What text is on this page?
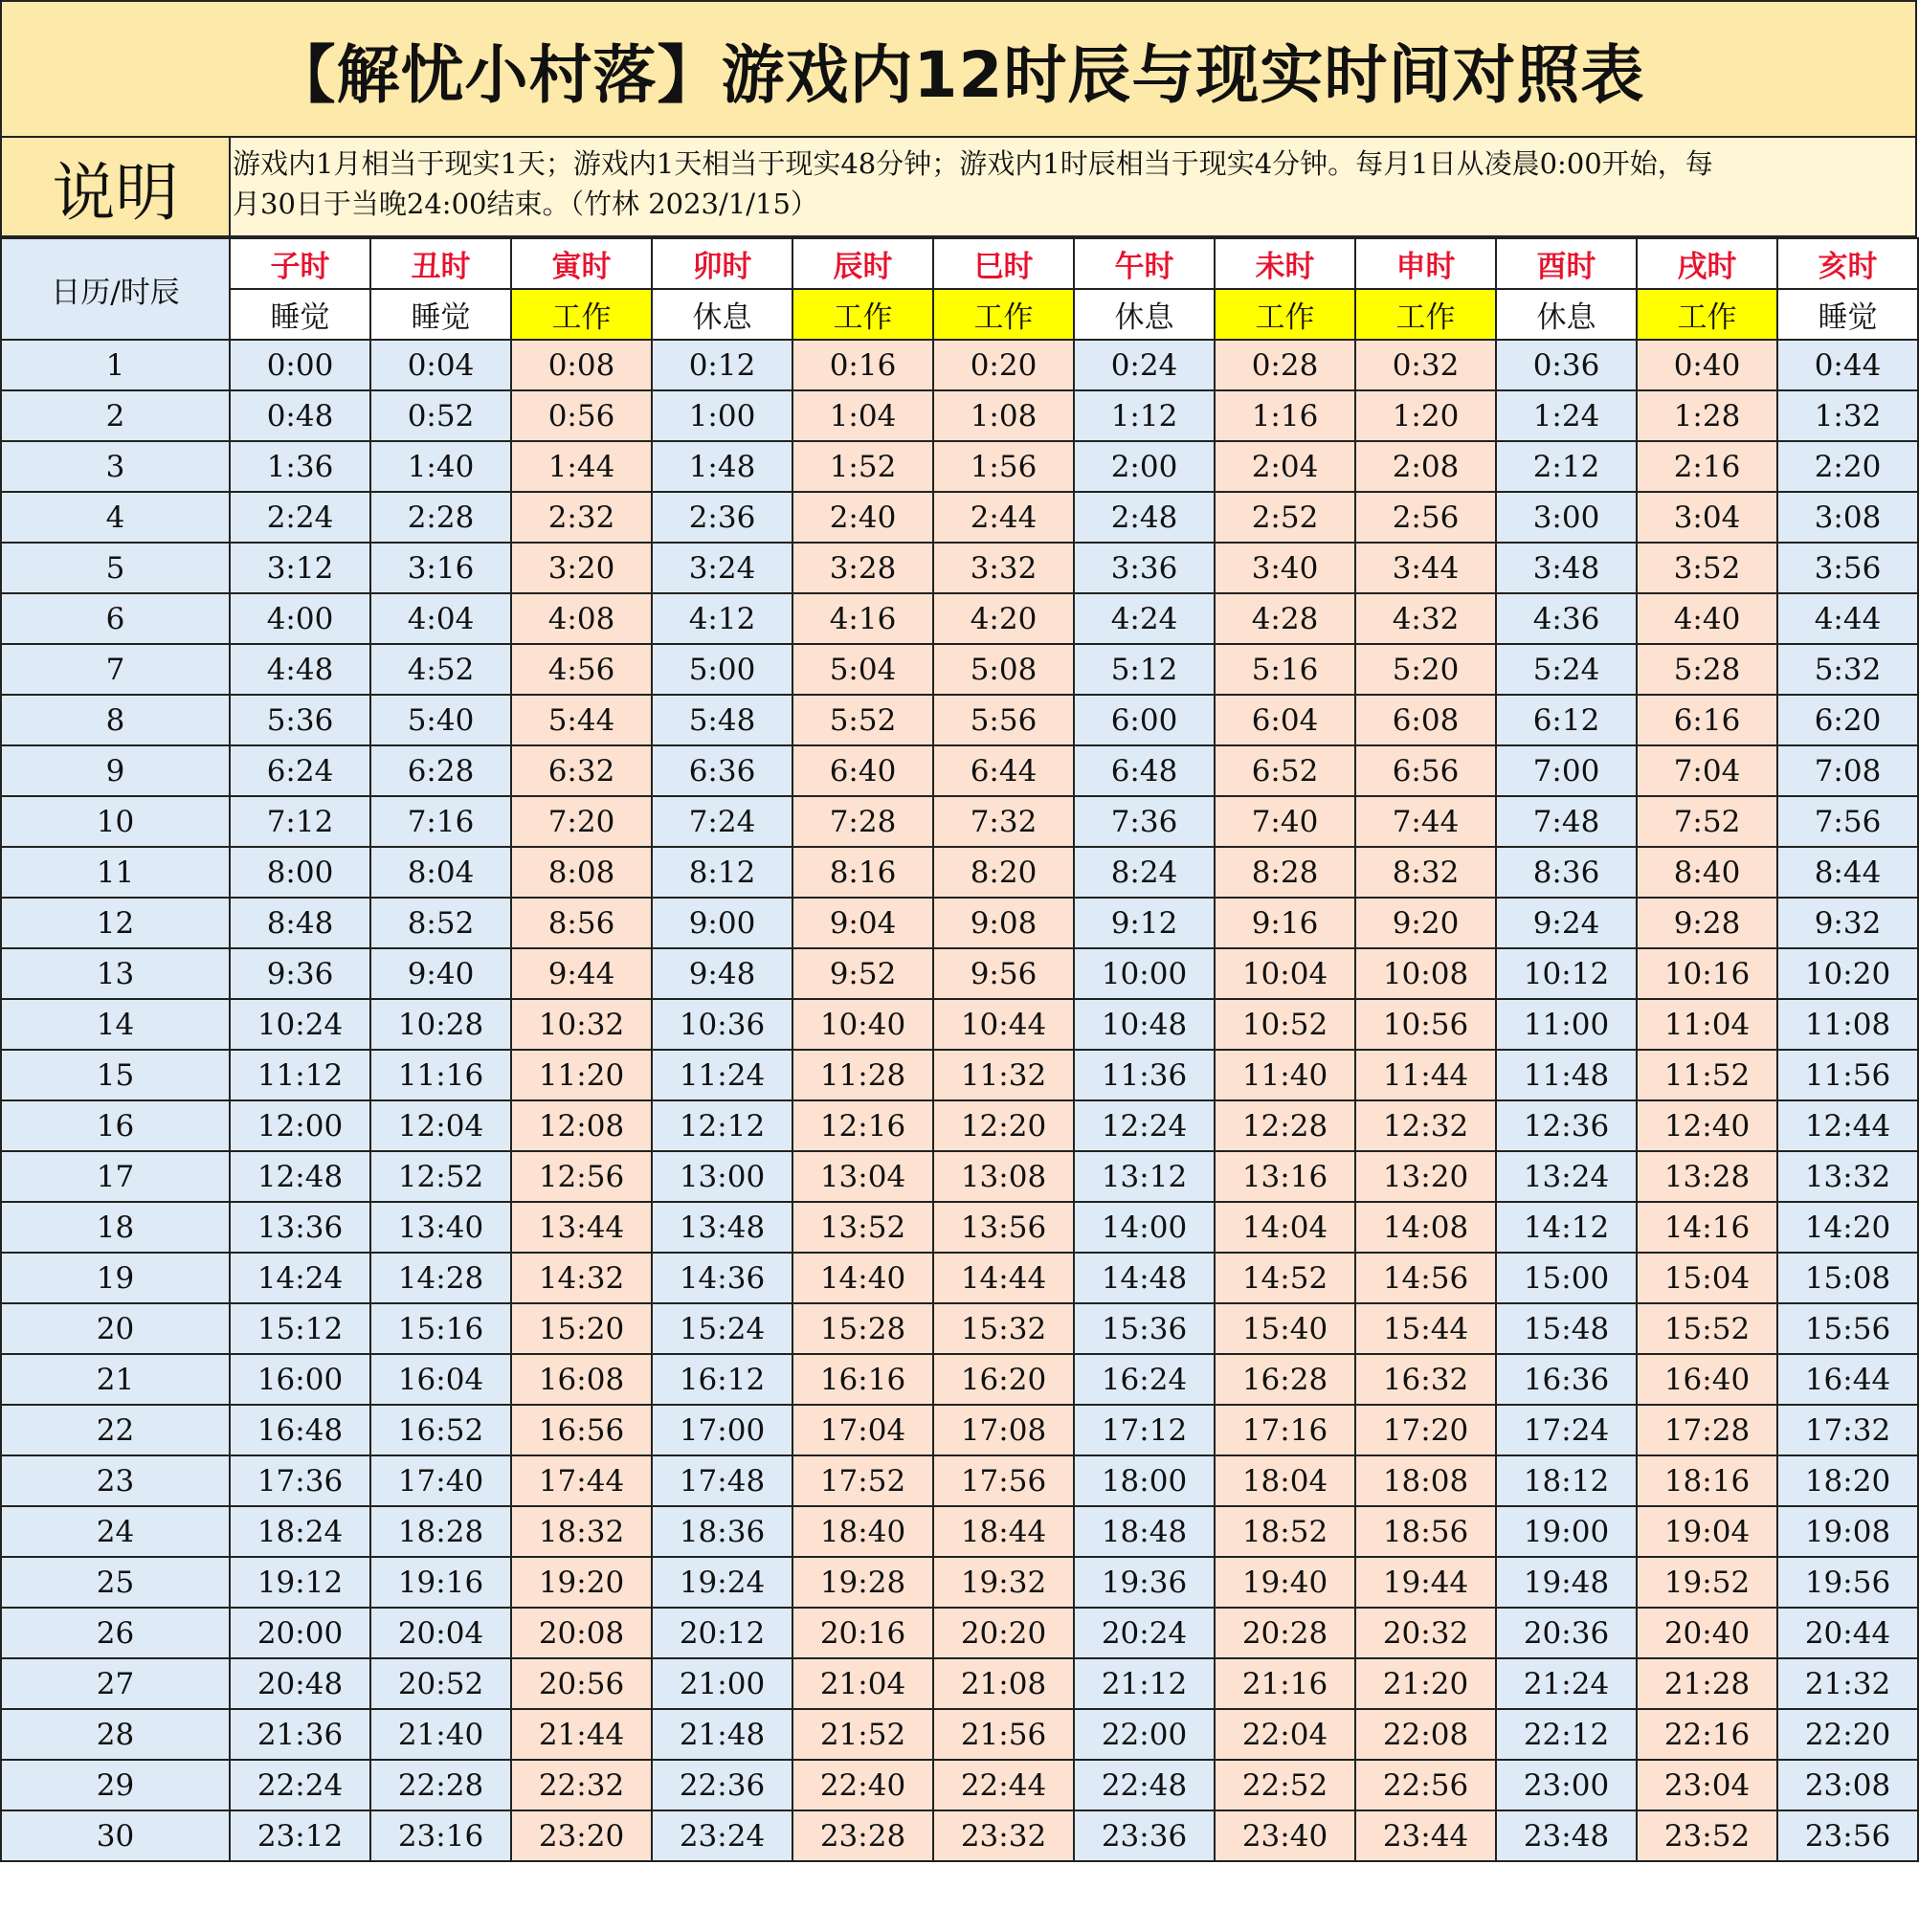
【解忧小村落】游戏内12时辰与现实时间对照表
说明	游戏内1月相当于现实1天；游戏内1天相当于现实48分钟；游戏内1时辰相当于现实4分钟。每月1日从凌晨0:00开始，每
月30日于当晚24:00结束。（竹林 2023/1/15）
日历/时辰	子时	丑时	寅时	卯时	辰时	巳时	午时	未时	申时	酉时	戌时	亥时
	睡觉	睡觉	工作	休息	工作	工作	休息	工作	工作	休息	工作	睡觉
1	0:00	0:04	0:08	0:12	0:16	0:20	0:24	0:28	0:32	0:36	0:40	0:44
2	0:48	0:52	0:56	1:00	1:04	1:08	1:12	1:16	1:20	1:24	1:28	1:32
3	1:36	1:40	1:44	1:48	1:52	1:56	2:00	2:04	2:08	2:12	2:16	2:20
4	2:24	2:28	2:32	2:36	2:40	2:44	2:48	2:52	2:56	3:00	3:04	3:08
5	3:12	3:16	3:20	3:24	3:28	3:32	3:36	3:40	3:44	3:48	3:52	3:56
6	4:00	4:04	4:08	4:12	4:16	4:20	4:24	4:28	4:32	4:36	4:40	4:44
7	4:48	4:52	4:56	5:00	5:04	5:08	5:12	5:16	5:20	5:24	5:28	5:32
8	5:36	5:40	5:44	5:48	5:52	5:56	6:00	6:04	6:08	6:12	6:16	6:20
9	6:24	6:28	6:32	6:36	6:40	6:44	6:48	6:52	6:56	7:00	7:04	7:08
10	7:12	7:16	7:20	7:24	7:28	7:32	7:36	7:40	7:44	7:48	7:52	7:56
11	8:00	8:04	8:08	8:12	8:16	8:20	8:24	8:28	8:32	8:36	8:40	8:44
12	8:48	8:52	8:56	9:00	9:04	9:08	9:12	9:16	9:20	9:24	9:28	9:32
13	9:36	9:40	9:44	9:48	9:52	9:56	10:00	10:04	10:08	10:12	10:16	10:20
14	10:24	10:28	10:32	10:36	10:40	10:44	10:48	10:52	10:56	11:00	11:04	11:08
15	11:12	11:16	11:20	11:24	11:28	11:32	11:36	11:40	11:44	11:48	11:52	11:56
16	12:00	12:04	12:08	12:12	12:16	12:20	12:24	12:28	12:32	12:36	12:40	12:44
17	12:48	12:52	12:56	13:00	13:04	13:08	13:12	13:16	13:20	13:24	13:28	13:32
18	13:36	13:40	13:44	13:48	13:52	13:56	14:00	14:04	14:08	14:12	14:16	14:20
19	14:24	14:28	14:32	14:36	14:40	14:44	14:48	14:52	14:56	15:00	15:04	15:08
20	15:12	15:16	15:20	15:24	15:28	15:32	15:36	15:40	15:44	15:48	15:52	15:56
21	16:00	16:04	16:08	16:12	16:16	16:20	16:24	16:28	16:32	16:36	16:40	16:44
22	16:48	16:52	16:56	17:00	17:04	17:08	17:12	17:16	17:20	17:24	17:28	17:32
23	17:36	17:40	17:44	17:48	17:52	17:56	18:00	18:04	18:08	18:12	18:16	18:20
24	18:24	18:28	18:32	18:36	18:40	18:44	18:48	18:52	18:56	19:00	19:04	19:08
25	19:12	19:16	19:20	19:24	19:28	19:32	19:36	19:40	19:44	19:48	19:52	19:56
26	20:00	20:04	20:08	20:12	20:16	20:20	20:24	20:28	20:32	20:36	20:40	20:44
27	20:48	20:52	20:56	21:00	21:04	21:08	21:12	21:16	21:20	21:24	21:28	21:32
28	21:36	21:40	21:44	21:48	21:52	21:56	22:00	22:04	22:08	22:12	22:16	22:20
29	22:24	22:28	22:32	22:36	22:40	22:44	22:48	22:52	22:56	23:00	23:04	23:08
30	23:12	23:16	23:20	23:24	23:28	23:32	23:36	23:40	23:44	23:48	23:52	23:56
